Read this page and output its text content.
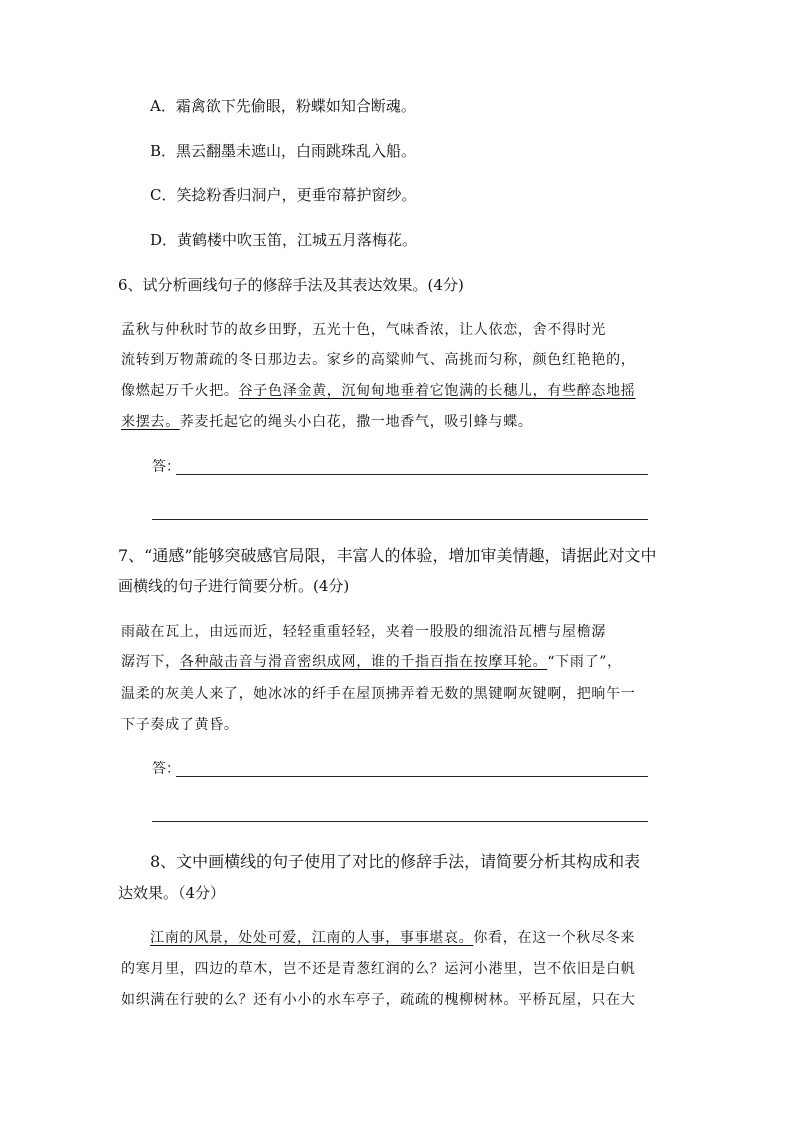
A．霜禽欲下先偷眼，粉蝶如知合断魂。
B．黑云翻墨未遮山，白雨跳珠乱入船。
C．笑捻粉香归洞户，更垂帘幕护窗纱。
D．黄鹤楼中吹玉笛，江城五月落梅花。
6、试分析画线句子的修辞手法及其表达效果。(4分)
孟秋与仲秋时节的故乡田野，五光十色，气味香浓，让人依恋，舍不得时光
流转到万物萧疏的冬日那边去。家乡的高粱帅气、高挑而匀称，颜色红艳艳的，
像燃起万千火把。谷子色泽金黄，沉甸甸地垂着它饱满的长穗儿，有些醉态地摇
来摆去。荞麦托起它的绳头小白花，撒一地香气，吸引蜂与蝶。
答：
7、“通感”能够突破感官局限，丰富人的体验，增加审美情趣，请据此对文中
画横线的句子进行简要分析。(4分)
雨敲在瓦上，由远而近，轻轻重重轻轻，夹着一股股的细流沿瓦槽与屋檐潺
潺泻下，各种敲击音与滑音密织成网，谁的千指百指在按摩耳轮。“下雨了”，
温柔的灰美人来了，她冰冰的纤手在屋顶拂弄着无数的黑键啊灰键啊，把晌午一
下子奏成了黄昏。
答：
8、文中画横线的句子使用了对比的修辞手法，请简要分析其构成和表
达效果。（4分）
江南的风景，处处可爱，江南的人事，事事堪哀。你看，在这一个秋尽冬来
的寒月里，四边的草木，岂不还是青葱红润的么？运河小港里，岂不依旧是白帆
如织满在行驶的么？还有小小的水车亭子，疏疏的槐柳树林。平桥瓦屋，只在大
